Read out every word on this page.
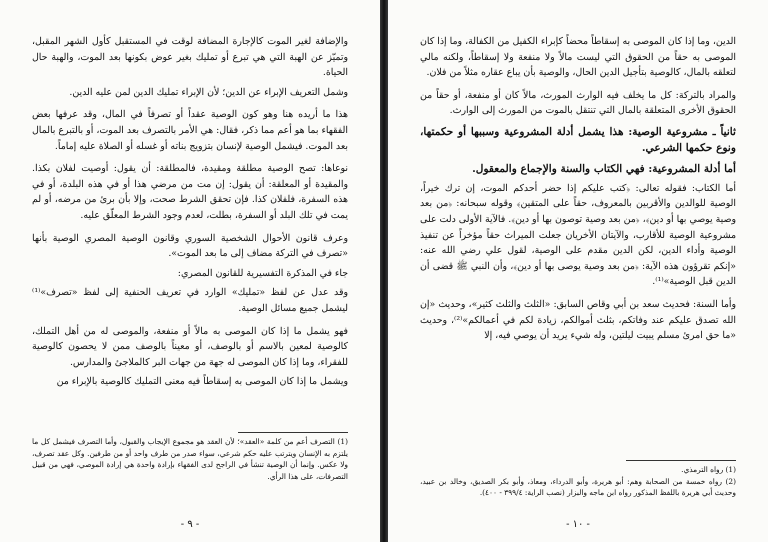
والإضافة لغير الموت كالإجارة المضافة لوقت في المستقبل كأول الشهر المقبل، وتميّز عن الهبة التي هي تبرع أو تمليك بغير عوض بكونها بعد الموت، والهبة حال الحياة.

وشمل التعريف الإبراء عن الدين؛ لأن الإبراء تمليك الدين لمن عليه الدين.

هذا ما أريده هنا وهو كون الوصية عقداً أو تصرفاً في المال، وقد عرفها بعض الفقهاء بما هو أعم مما ذكر، فقال: هي الأمر بالتصرف بعد الموت، أو بالتبرع بالمال بعد الموت. فيشمل الوصية لإنسان بتزويج بناته أو غسله أو الصلاة عليه إماماً.

نوعاها: تصح الوصية مطلقة ومقيدة، فالمطلقة: أن يقول: أوصيت لفلان بكذا. والمقيدة أو المعلقة: أن يقول: إن مت من مرضي هذا أو في هذه البلدة، أو في هذه السفرة، فلفلان كذا. فإن تحقق الشرط صحت، وإلا بأن برئ من مرضه، أو لم يمت في تلك البلد أو السفرة، بطلت، لعدم وجود الشرط المعلّق عليه.

وعرف قانون الأحوال الشخصية السوري وقانون الوصية المصري الوصية بأنها «تصرف في التركة مضاف إلى ما بعد الموت».

جاء في المذكرة التفسيرية للقانون المصري:

وقد عدل عن لفظ «تمليك» الوارد في تعريف الحنفية إلى لفظ «تصرف»⁽¹⁾ ليشمل جميع مسائل الوصية.

فهو يشمل ما إذا كان الموصى به مالاً أو منفعة، والموصى له من أهل التملك، كالوصية لمعين بالاسم أو بالوصف، أو معيناً بالوصف ممن لا يحصون كالوصية للفقراء، وما إذا كان الموصى له جهة من جهات البر كالملاجئ والمدارس.

ويشمل ما إذا كان الموصى به إسقاطاً فيه معنى التمليك كالوصية بالإبراء من

(1) التصرف أعم من كلمة «العقد»؛ لأن العقد هو مجموع الإيجاب والقبول، وأما التصرف فيشمل كل ما يلتزم به الإنسان ويترتب عليه حكم شرعي، سواء صدر من طرف واحد أو من طرفين. وكل عقد تصرف، ولا عكس. وإنما أن الوصية تنشأ في الراجح لدى الفقهاء بإرادة واحدة هي إرادة الموصي، فهي من قبيل التصرفات، على هذا الرأي.

- ٩ -

الدين، وما إذا كان الموصى به إسقاطاً محضاً كإبراء الكفيل من الكفالة، وما إذا كان الموصى به حقاً من الحقوق التي ليست مالاً ولا منفعة ولا إسقاطاً، ولكنه مالي لتعلقه بالمال، كالوصية بتأجيل الدين الحال، والوصية بأن يباع عقاره مثلاً من فلان.

والمراد بالتركة: كل ما يخلف فيه الوارث المورث، مالاً كان أو منفعة، أو حقاً من الحقوق الأخرى المتعلقة بالمال التي تنتقل بالموت من المورث إلى الوارث.

ثانياً ـ مشروعية الوصية: هذا يشمل أدلة المشروعية وسببها أو حكمتها، ونوع حكمها الشرعي.
أما أدلة المشروعية: فهي الكتاب والسنة والإجماع والمعقول.

أما الكتاب: فقوله تعالى: ﴿كتب عليكم إذا حضر أحدكم الموت، إن ترك خيراً، الوصية للوالدين والأقربين بالمعروف، حقاً على المتقين﴾ وقوله سبحانه: ﴿من بعد وصية يوصي بها أو دين﴾، ﴿من بعد وصية توصون بها أو دين﴾. فالآية الأولى دلت على مشروعية الوصية للأقارب، والآيتان الأخريان جعلت الميراث حقاً مؤخراً عن تنفيذ الوصية وأداء الدين، لكن الدين مقدم على الوصية، لقول علي رضي الله عنه: «إنكم تقرؤون هذه الآية: ﴿من بعد وصية يوصى بها أو دين﴾، وأن النبي ﷺ قضى أن الدين قبل الوصية»⁽¹⁾.

وأما السنة: فحديث سعد بن أبي وقاص السابق: «الثلث والثلث كثير»، وحديث «إن الله تصدق عليكم عند وفاتكم، بثلث أموالكم، زيادة لكم في أعمالكم»⁽²⁾، وحديث «ما حق امرئ مسلم يبيت ليلتين، وله شيء يريد أن يوصي فيه، إلا

(1) رواه الترمذي.

(2) رواه خمسة من الصحابة وهم: أبو هريرة، وأبو الدرداء، ومعاذ، وأبو بكر الصديق، وخالد بن عبيد، وحديث أبي هريرة باللفظ المذكور رواه ابن ماجه والبزار (نصب الراية: ٣٩٩/٤ - ٤٠٠).

- ١٠ -
